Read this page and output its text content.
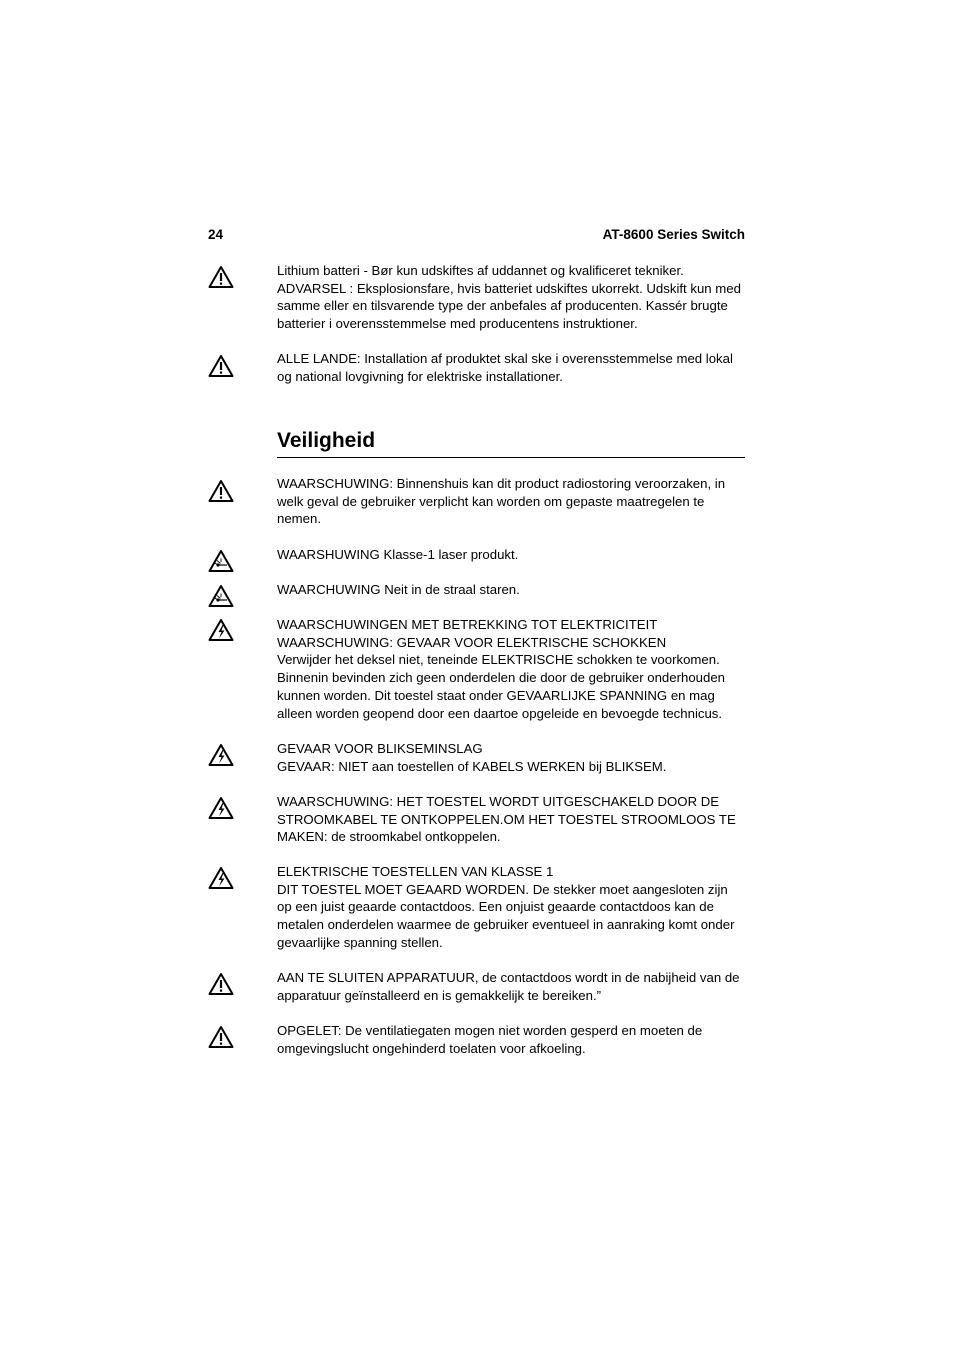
24	AT-8600 Series Switch
Lithium batteri - Bør kun udskiftes af uddannet og kvalificeret tekniker.
ADVARSEL : Eksplosionsfare, hvis batteriet udskiftes ukorrekt. Udskift kun med
samme eller en tilsvarende type der anbefales af producenten. Kassér brugte
batterier i overensstemmelse med producentens instruktioner.
ALLE LANDE: Installation af produktet skal ske i overensstemmelse med lokal
og national lovgivning for elektriske installationer.
Veiligheid
WAARSCHUWING: Binnenshuis kan dit product radiostoring veroorzaken, in
welk geval de gebruiker verplicht kan worden om gepaste maatregelen te
nemen.
WAARSHUWING Klasse-1 laser produkt.
WAARCHUWING Neit in de straal staren.
WAARSCHUWINGEN MET BETREKKING TOT ELEKTRICITEIT
WAARSCHUWING: GEVAAR VOOR ELEKTRISCHE SCHOKKEN
Verwijder het deksel niet, teneinde ELEKTRISCHE schokken te voorkomen.
Binnenin bevinden zich geen onderdelen die door de gebruiker onderhouden
kunnen worden. Dit toestel staat onder GEVAARLIJKE SPANNING en mag
alleen worden geopend door een daartoe opgeleide en bevoegde technicus.
GEVAAR VOOR BLIKSEMINSLAG
GEVAAR: NIET aan toestellen of KABELS WERKEN bij BLIKSEM.
WAARSCHUWING: HET TOESTEL WORDT UITGESCHAKELD DOOR DE
STROOMKABEL TE ONTKOPPELEN.OM HET TOESTEL STROOMLOOS TE
MAKEN: de stroomkabel ontkoppelen.
ELEKTRISCHE TOESTELLEN VAN KLASSE 1
DIT TOESTEL MOET GEAARD WORDEN. De stekker moet aangesloten zijn
op een juist geaarde contactdoos. Een onjuist geaarde contactdoos kan de
metalen onderdelen waarmee de gebruiker eventueel in aanraking komt onder
gevaarlijke spanning stellen.
AAN TE SLUITEN APPARATUUR, de contactdoos wordt in de nabijheid van de
apparatuur geïnstalleerd en is gemakkelijk te bereiken.”
OPGELET: De ventilatiegaten mogen niet worden gesperd en moeten de
omgevingslucht ongehinderd toelaten voor afkoeling.
